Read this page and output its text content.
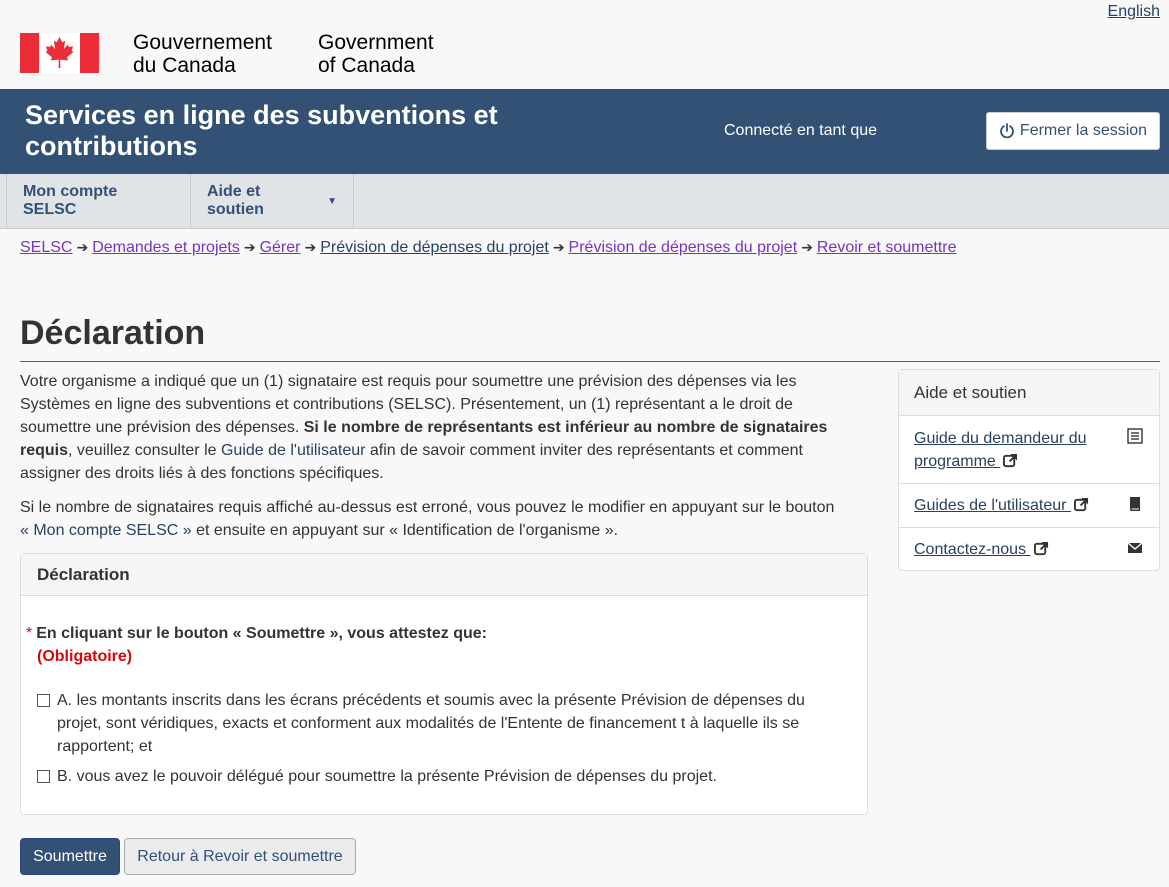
English
Gouvernement
du Canada
Government
of Canada
Services en ligne des subventions et contributions
Connecté en tant que	Fermer la session
Mon compte SELSC
Aide et soutien	▼
SELSC ➔ Demandes et projets ➔ Gérer ➔ Prévision de dépenses du projet ➔ Prévision de dépenses du projet ➔ Revoir et soumettre
Déclaration

Votre organisme a indiqué que un (1) signataire est requis pour soumettre une prévision des dépenses via les Systèmes en ligne des subventions et contributions (SELSC). Présentement, un (1) représentant a le droit de soumettre une prévision des dépenses. Si le nombre de représentants est inférieur au nombre de signataires requis, veuillez consulter le Guide de l'utilisateur afin de savoir comment inviter des représentants et comment assigner des droits liés à des fonctions spécifiques.

Si le nombre de signataires requis affiché au-dessus est erroné, vous pouvez le modifier en appuyant sur le bouton « Mon compte SELSC » et ensuite en appuyant sur « Identification de l'organisme ».

Déclaration
* En cliquant sur le bouton « Soumettre », vous attestez que:
(Obligatoire)
A. les montants inscrits dans les écrans précédents et soumis avec la présente Prévision de dépenses du projet, sont véridiques, exacts et conforment aux modalités de l'Entente de financement t à laquelle ils se rapportent; et
B. vous avez le pouvoir délégué pour soumettre la présente Prévision de dépenses du projet.
Soumettre	Retour à Revoir et soumettre
Aide et soutien
Guide du demandeur du programme
Guides de l'utilisateur
Contactez-nous
